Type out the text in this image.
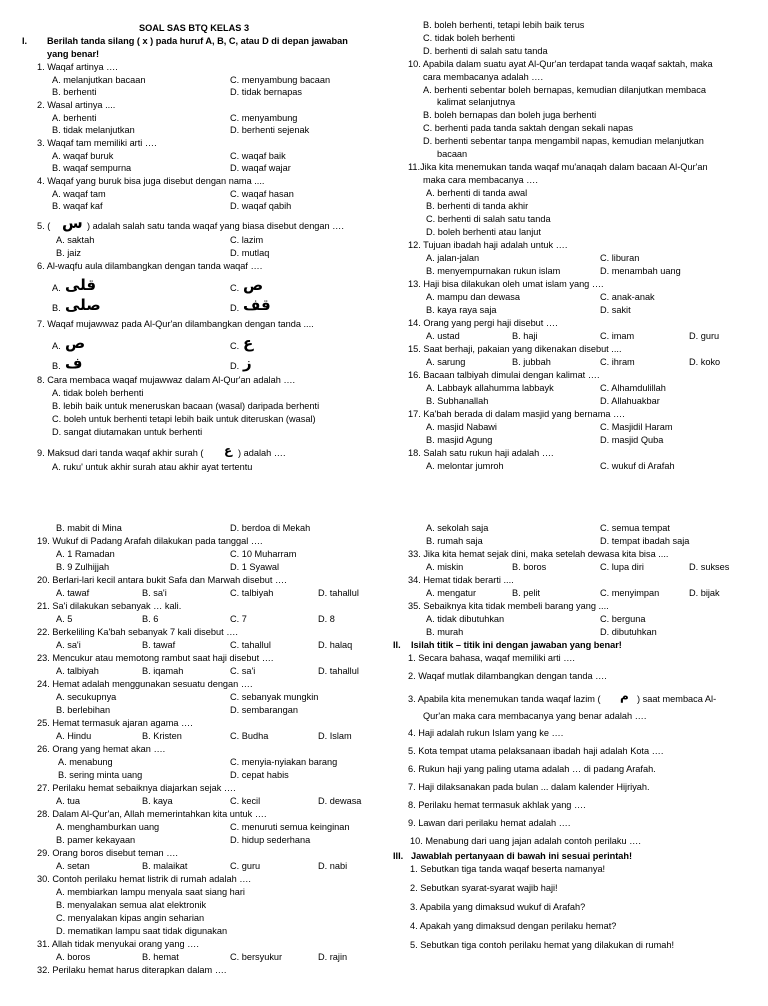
SOAL SAS BTQ KELAS 3
I. Berilah tanda silang ( x ) pada huruf A, B, C, atau D di depan jawaban
yang benar!
1. Waqaf artinya ….
A. melanjutkan bacaan	C. menyambung bacaan
B. berhenti	D. tidak bernapas
2. Wasal artinya ....
A. berhenti	C. menyambung
B. tidak melanjutkan	D. berhenti sejenak
3. Waqaf tam memiliki arti ….
A. waqaf buruk	C. waqaf baik
B. waqaf sempurna	D. waqaf wajar
4. Waqaf yang buruk bisa juga disebut dengan nama ....
A. waqaf tam	C. waqaf hasan
B. waqaf kaf	D. waqaf qabih
5. ( س ) adalah salah satu tanda waqaf yang biasa disebut dengan ….
A. saktah	C. lazim
B. jaiz	D. mutlaq
6. Al-waqfu aula dilambangkan dengan tanda waqaf ….
A. قلى	C. ص
B. صلى	D. قف
7. Waqaf mujawwaz pada Al-Qur'an dilambangkan dengan tanda ....
A. ص	C. ع
B. ف	D. ز
8. Cara membaca waqaf mujawwaz dalam Al-Qur'an adalah ….
A. tidak boleh berhenti
B. lebih baik untuk meneruskan bacaan (wasal) daripada berhenti
C. boleh untuk berhenti tetapi lebih baik untuk diteruskan (wasal)
D. sangat diutamakan untuk berhenti
9. Maksud dari tanda waqaf akhir surah ( ع ) adalah ….
A. ruku' untuk akhir surah atau akhir ayat tertentu
B. boleh berhenti, tetapi lebih baik terus
C. tidak boleh berhenti
D. berhenti di salah satu tanda
10. Apabila dalam suatu ayat Al-Qur'an terdapat tanda waqaf saktah, maka
cara membacanya adalah ….
A. berhenti sebentar boleh bernapas, kemudian dilanjutkan membaca
kalimat selanjutnya
B. boleh bernapas dan boleh juga berhenti
C. berhenti pada tanda saktah dengan sekali napas
D. berhenti sebentar tanpa mengambil napas, kemudian melanjutkan
bacaan
11.Jika kita menemukan tanda waqaf mu'anaqah dalam bacaan Al-Qur'an
maka cara membacanya ….
A. berhenti di tanda awal
B. berhenti di tanda akhir
C. berhenti di salah satu tanda
D. boleh berhenti atau lanjut
12. Tujuan ibadah haji adalah untuk ….
A. jalan-jalan	C. liburan
B. menyempurnakan rukun islam	D. menambah uang
13. Haji bisa dilakukan oleh umat islam yang ….
A. mampu dan dewasa	C. anak-anak
B. kaya raya saja	D. sakit
14. Orang yang pergi haji disebut ….
A. ustad	B. haji	C. imam	D. guru
15. Saat berhaji, pakaian yang dikenakan disebut ....
A. sarung	B. jubbah	C. ihram	D. koko
16. Bacaan talbiyah dimulai dengan kalimat ….
A. Labbayk allahumma labbayk	C. Alhamdulillah
B. Subhanallah	D. Allahuakbar
17. Ka'bah berada di dalam masjid yang bernama ….
A. masjid Nabawi	C. Masjidil Haram
B. masjid Agung	D. masjid Quba
18. Salah satu rukun haji adalah ….
A. melontar jumroh	C. wukuf di Arafah
B. mabit di Mina	D. berdoa di Mekah
19. Wukuf di Padang Arafah dilakukan pada tanggal ….
A. 1 Ramadan	C. 10 Muharram
B. 9 Zulhijjah	D. 1 Syawal
20. Berlari-lari kecil antara bukit Safa dan Marwah disebut ….
A. tawaf	B. sa'i	C. talbiyah	D. tahallul
21. Sa'i dilakukan sebanyak … kali.
A. 5	B. 6	C. 7	D. 8
22. Berkeliling Ka'bah sebanyak 7 kali disebut ….
A. sa'i	B. tawaf	C. tahallul	D. halaq
23. Mencukur atau memotong rambut saat haji disebut ….
A. talbiyah	B. iqamah	C. sa'i	D. tahallul
24. Hemat adalah menggunakan sesuatu dengan ….
A. secukupnya	C. sebanyak mungkin
B. berlebihan	D. sembarangan
25. Hemat termasuk ajaran agama ….
A. Hindu	B. Kristen	C. Budha	D. Islam
26. Orang yang hemat akan ….
A. menabung	C. menyia-nyiakan barang
B. sering minta uang	D. cepat habis
27. Perilaku hemat sebaiknya diajarkan sejak ….
A. tua	B. kaya	C. kecil	D. dewasa
28. Dalam Al-Qur'an, Allah memerintahkan kita untuk ….
A. menghamburkan uang	C. menuruti semua keinginan
B. pamer kekayaan	D. hidup sederhana
29. Orang boros disebut teman ….
A. setan	B. malaikat	C. guru	D. nabi
30. Contoh perilaku hemat listrik di rumah adalah ….
A. membiarkan lampu menyala saat siang hari
B. menyalakan semua alat elektronik
C. menyalakan kipas angin seharian
D. mematikan lampu saat tidak digunakan
31. Allah tidak menyukai orang yang ….
A. boros	B. hemat	C. bersyukur	D. rajin
32. Perilaku hemat harus diterapkan dalam ….
A. sekolah saja	C. semua tempat
B. rumah saja	D. tempat ibadah saja
33. Jika kita hemat sejak dini, maka setelah dewasa kita bisa ....
A. miskin	B. boros	C. lupa diri	D. sukses
34. Hemat tidak berarti ....
A. mengatur	B. pelit	C. menyimpan	D. bijak
35. Sebaiknya kita tidak membeli barang yang ....
A. tidak dibutuhkan	C. berguna
B. murah	D. dibutuhkan
II. Isilah titik – titik ini dengan jawaban yang benar!
1. Secara bahasa, waqaf memiliki arti ….
2. Waqaf mutlak dilambangkan dengan tanda ….
3. Apabila kita menemukan tanda waqaf lazim ( م ) saat membaca Al-
Qur'an maka cara membacanya yang benar adalah ….
4. Haji adalah rukun Islam yang ke ….
5. Kota tempat utama pelaksanaan ibadah haji adalah Kota ….
6. Rukun haji yang paling utama adalah … di padang Arafah.
7. Haji dilaksanakan pada bulan ... dalam kalender Hijriyah.
8. Perilaku hemat termasuk akhlak yang ….
9. Lawan dari perilaku hemat adalah ….
10. Menabung dari uang jajan adalah contoh perilaku ….
III. Jawablah pertanyaan di bawah ini sesuai perintah!
1. Sebutkan tiga tanda waqaf beserta namanya!
2. Sebutkan syarat-syarat wajib haji!
3. Apabila yang dimaksud wukuf di Arafah?
4. Apakah yang dimaksud dengan perilaku hemat?
5. Sebutkan tiga contoh perilaku hemat yang dilakukan di rumah!
